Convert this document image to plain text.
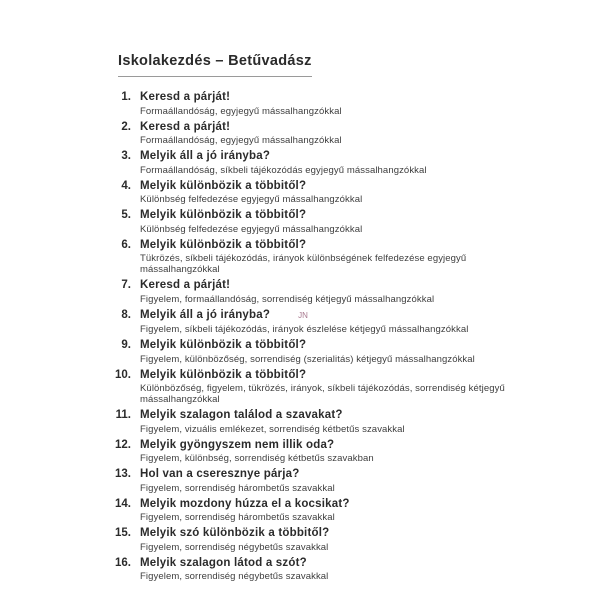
Iskolakezdés – Betűvadász
1. Keresd a párját!
Formaállandóság, egyjegyű mássalhangzókkal
2. Keresd a párját!
Formaállandóság, egyjegyű mássalhangzókkal
3. Melyik áll a jó irányba?
Formaállandóság, síkbeli tájékozódás egyjegyű mássalhangzókkal
4. Melyik különbözik a többitől?
Különbség felfedezése egyjegyű mássalhangzókkal
5. Melyik különbözik a többitől?
Különbség felfedezése egyjegyű mássalhangzókkal
6. Melyik különbözik a többitől?
Tükrözés, síkbeli tájékozódás, irányok különbségének felfedezése egyjegyű
mássalhangzókkal
7. Keresd a párját!
Figyelem, formaállandóság, sorrendiség kétjegyű mássalhangzókkal
8. Melyik áll a jó irányba?	JN
Figyelem, síkbeli tájékozódás, irányok észlelése kétjegyű mássalhangzókkal
9. Melyik különbözik a többitől?
Figyelem, különbözőség, sorrendiség (szerialitás) kétjegyű mássalhangzókkal
10. Melyik különbözik a többitől?
Különbözőség, figyelem, tükrözés, irányok, síkbeli tájékozódás, sorrendiség kétjegyű
mássalhangzókkal
11. Melyik szalagon találod a szavakat?
Figyelem, vizuális emlékezet, sorrendiség kétbetűs szavakkal
12. Melyik gyöngyszem nem illik oda?
Figyelem, különbség, sorrendiség kétbetűs szavakban
13. Hol van a cseresznye párja?
Figyelem, sorrendiség hárombetűs szavakkal
14. Melyik mozdony húzza el a kocsikat?
Figyelem, sorrendiség hárombetűs szavakkal
15. Melyik szó különbözik a többitől?
Figyelem, sorrendiség négybetűs szavakkal
16. Melyik szalagon látod a szót?
Figyelem, sorrendiség négybetűs szavakkal
